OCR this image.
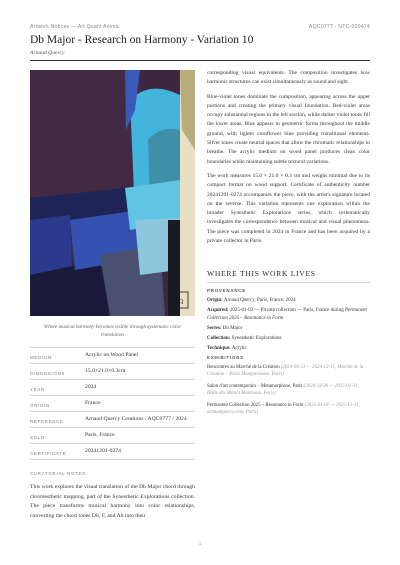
Artwork Notices — Art Quant Anima	AQC0777 · NTC-000474
Db Major - Research on Harmony - Variation 10
Arnaud Quercy
AQ
Where musical harmony becomes visible through systematic color translation
MEDIUM	Acrylic on Wood Panel
DIMENSIONS	15.0×21.0×0.3cm
YEAR	2024
ORIGIN	France
REFERENCE	Arnaud Quercy Creations / AQC0777 / 2024
SOLD	Paris, France
CERTIFICATE	20241201-0274
CURATORIAL NOTES
This work explores the visual translation of the Db Major chord through chromesthetic mapping, part of the Synesthetic Explorations collection. The piece transforms musical harmony into color relationships, converting the chord tones Db, F, and Ab into their

corresponding visual equivalents. The composition investigates how harmonic structures can exist simultaneously as sound and sight.

Blue-violet tones dominate the composition, appearing across the upper portions and creating the primary visual foundation. Red-violet areas occupy substantial regions in the left section, while darker violet tones fill the lower areas. Blue appears in geometric forms throughout the middle ground, with lighter cornflower blue providing transitional elements. Silver tones create neutral spaces that allow the chromatic relationships to breathe. The acrylic medium on wood panel produces clean color boundaries while maintaining subtle textural variations.

The work measures 15.0 × 21.0 × 0.3 cm and weighs minimal due to its compact format on wood support. Certificate of authenticity number 20241201-0274 accompanies the piece, with the artist's signature located on the reverse. This variation represents one exploration within the broader Synesthetic Explorations series, which systematically investigates the correspondence between musical and visual phenomena. The piece was completed in 2024 in France and has been acquired by a private collector in Paris.

WHERE THIS WORK LIVES
PROVENANCE
Origin: Arnaud Quercy, Paris, France, 2024
Acquired: 2025-01-03 — Private collection — Paris, France during Permanent Collection 2025 – Resonance in Form
Series: Db Major
Collection: Synesthetic Explorations
Technique: Acrylic
EXHIBITIONS
Rencontres au Marché de la Création (2024-04-21 — 2024-12-31, Marché de la Création – Paris Montparnasse, Paris)
Salon d'art contemporain – Metamorphose, Paris (2024-12-30 — 2025-01-31, Halle des Blancs Manteaux, Paris)
Permanent Collection 2025 – Resonance in Form (2025-01-01 — 2025-12-31, artmadquercy.com, Paris)
1
